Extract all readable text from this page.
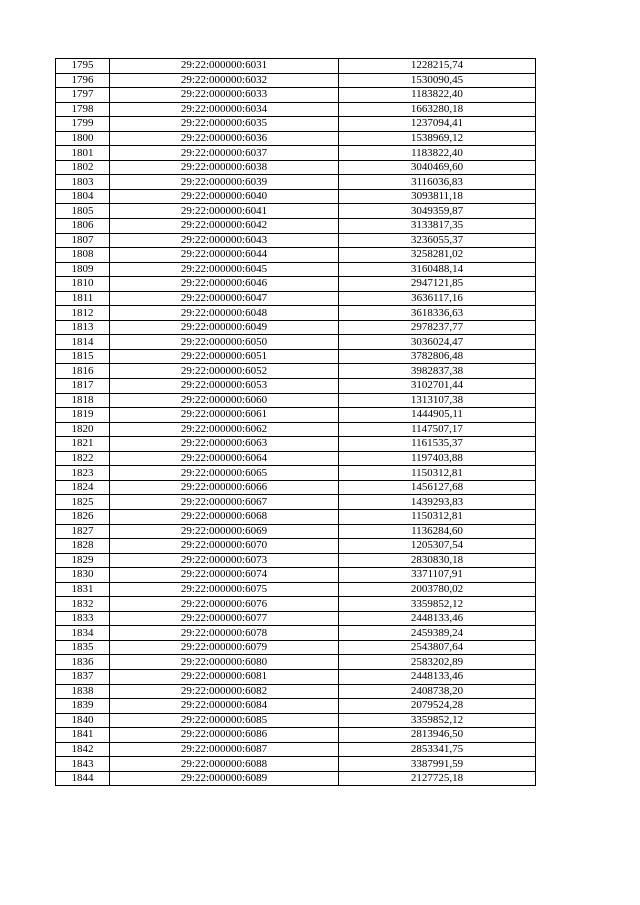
1795	29:22:000000:6031	1228215,74
1796	29:22:000000:6032	1530090,45
1797	29:22:000000:6033	1183822,40
1798	29:22:000000:6034	1663280,18
1799	29:22:000000:6035	1237094,41
1800	29:22:000000:6036	1538969,12
1801	29:22:000000:6037	1183822,40
1802	29:22:000000:6038	3040469,60
1803	29:22:000000:6039	3116036,83
1804	29:22:000000:6040	3093811,18
1805	29:22:000000:6041	3049359,87
1806	29:22:000000:6042	3133817,35
1807	29:22:000000:6043	3236055,37
1808	29:22:000000:6044	3258281,02
1809	29:22:000000:6045	3160488,14
1810	29:22:000000:6046	2947121,85
1811	29:22:000000:6047	3636117,16
1812	29:22:000000:6048	3618336,63
1813	29:22:000000:6049	2978237,77
1814	29:22:000000:6050	3036024,47
1815	29:22:000000:6051	3782806,48
1816	29:22:000000:6052	3982837,38
1817	29:22:000000:6053	3102701,44
1818	29:22:000000:6060	1313107,38
1819	29:22:000000:6061	1444905,11
1820	29:22:000000:6062	1147507,17
1821	29:22:000000:6063	1161535,37
1822	29:22:000000:6064	1197403,88
1823	29:22:000000:6065	1150312,81
1824	29:22:000000:6066	1456127,68
1825	29:22:000000:6067	1439293,83
1826	29:22:000000:6068	1150312,81
1827	29:22:000000:6069	1136284,60
1828	29:22:000000:6070	1205307,54
1829	29:22:000000:6073	2830830,18
1830	29:22:000000:6074	3371107,91
1831	29:22:000000:6075	2003780,02
1832	29:22:000000:6076	3359852,12
1833	29:22:000000:6077	2448133,46
1834	29:22:000000:6078	2459389,24
1835	29:22:000000:6079	2543807,64
1836	29:22:000000:6080	2583202,89
1837	29:22:000000:6081	2448133,46
1838	29:22:000000:6082	2408738,20
1839	29:22:000000:6084	2079524,28
1840	29:22:000000:6085	3359852,12
1841	29:22:000000:6086	2813946,50
1842	29:22:000000:6087	2853341,75
1843	29:22:000000:6088	3387991,59
1844	29:22:000000:6089	2127725,18
